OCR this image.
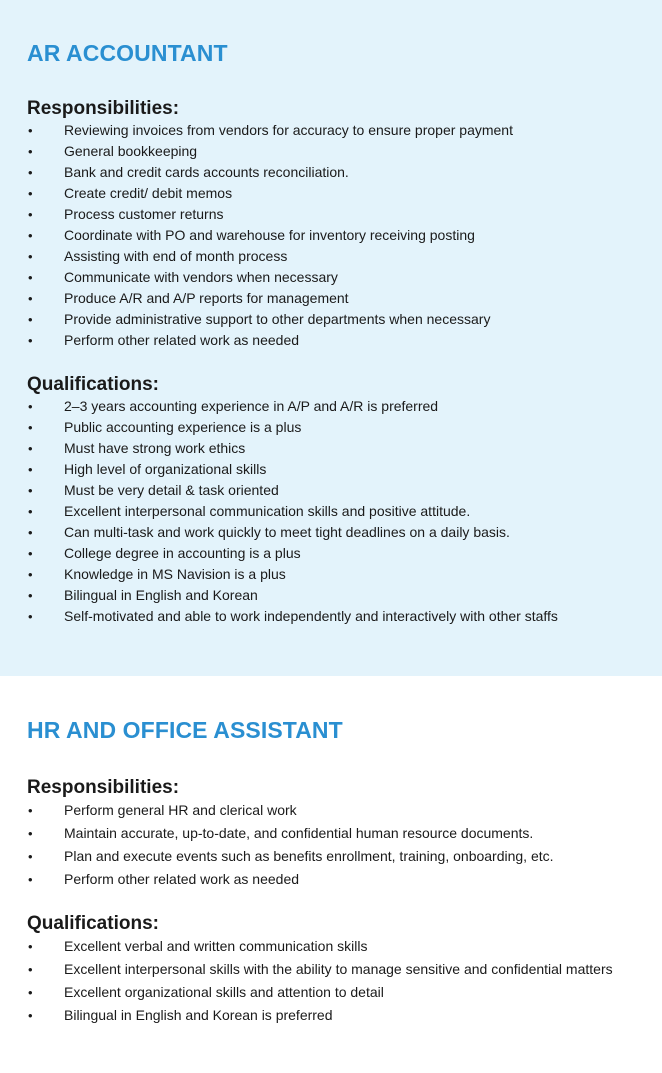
AR ACCOUNTANT
Responsibilities:
• Reviewing invoices from vendors for accuracy to ensure proper payment
• General bookkeeping
• Bank and credit cards accounts reconciliation.
• Create credit/ debit memos
• Process customer returns
• Coordinate with PO and warehouse for inventory receiving posting
• Assisting with end of month process
• Communicate with vendors when necessary
• Produce A/R and A/P reports for management
• Provide administrative support to other departments when necessary
• Perform other related work as needed
Qualifications:
• 2–3 years accounting experience in A/P and A/R is preferred
• Public accounting experience is a plus
• Must have strong work ethics
• High level of organizational skills
• Must be very detail & task oriented
• Excellent interpersonal communication skills and positive attitude.
• Can multi-task and work quickly to meet tight deadlines on a daily basis.
• College degree in accounting is a plus
• Knowledge in MS Navision is a plus
• Bilingual in English and Korean
• Self-motivated and able to work independently and interactively with other staffs
HR AND OFFICE ASSISTANT
Responsibilities:
• Perform general HR and clerical work
• Maintain accurate, up-to-date, and confidential human resource documents.
• Plan and execute events such as benefits enrollment, training, onboarding, etc.
• Perform other related work as needed
Qualifications:
• Excellent verbal and written communication skills
• Excellent interpersonal skills with the ability to manage sensitive and confidential matters
• Excellent organizational skills and attention to detail
• Bilingual in English and Korean is preferred
